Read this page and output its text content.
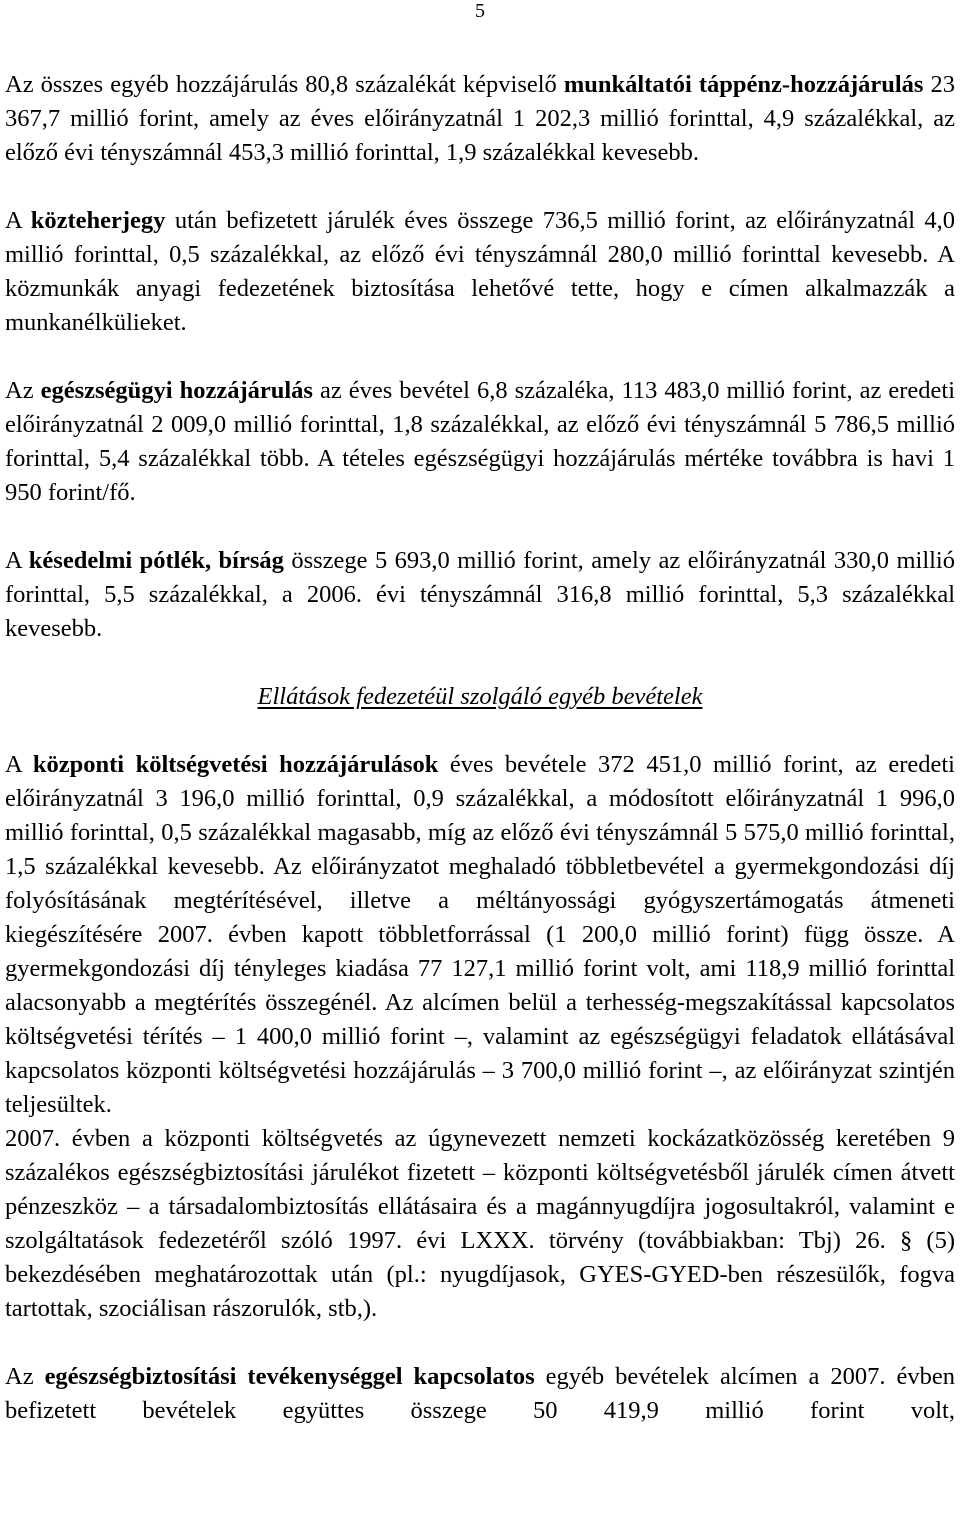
5

Az összes egyéb hozzájárulás 80,8 százalékát képviselő munkáltatói táppénz-hozzájárulás 23 367,7 millió forint, amely az éves előirányzatnál 1 202,3 millió forinttal, 4,9 százalékkal, az előző évi tényszámnál 453,3 millió forinttal, 1,9 százalékkal kevesebb.

A közteherjegy után befizetett járulék éves összege 736,5 millió forint, az előirányzatnál 4,0 millió forinttal, 0,5 százalékkal, az előző évi tényszámnál 280,0 millió forinttal kevesebb. A közmunkák anyagi fedezetének biztosítása lehetővé tette, hogy e címen alkalmazzák a munkanélkülieket.

Az egészségügyi hozzájárulás az éves bevétel 6,8 százaléka, 113 483,0 millió forint, az eredeti előirányzatnál 2 009,0 millió forinttal, 1,8 százalékkal, az előző évi tényszámnál 5 786,5 millió forinttal, 5,4 százalékkal több. A tételes egészségügyi hozzájárulás mértéke továbbra is havi 1 950 forint/fő.

A késedelmi pótlék, bírság összege 5 693,0 millió forint, amely az előirányzatnál 330,0 millió forinttal, 5,5 százalékkal, a 2006. évi tényszámnál 316,8 millió forinttal, 5,3 százalékkal kevesebb.

Ellátások fedezetéül szolgáló egyéb bevételek

A központi költségvetési hozzájárulások éves bevétele 372 451,0 millió forint, az eredeti előirányzatnál 3 196,0 millió forinttal, 0,9 százalékkal, a módosított előirányzatnál 1 996,0 millió forinttal, 0,5 százalékkal magasabb, míg az előző évi tényszámnál 5 575,0 millió forinttal, 1,5 százalékkal kevesebb. Az előirányzatot meghaladó többletbevétel a gyermekgondozási díj folyósításának megtérítésével, illetve a méltányossági gyógyszertámogatás átmeneti kiegészítésére 2007. évben kapott többletforrással (1 200,0 millió forint) függ össze. A gyermekgondozási díj tényleges kiadása 77 127,1 millió forint volt, ami 118,9 millió forinttal alacsonyabb a megtérítés összegénél. Az alcímen belül a terhesség-megszakítással kapcsolatos költségvetési térítés – 1 400,0 millió forint –, valamint az egészségügyi feladatok ellátásával kapcsolatos központi költségvetési hozzájárulás – 3 700,0 millió forint –, az előirányzat szintjén teljesültek.

2007. évben a központi költségvetés az úgynevezett nemzeti kockázatközösség keretében 9 százalékos egészségbiztosítási járulékot fizetett – központi költségvetésből járulék címen átvett pénzeszköz – a társadalombiztosítás ellátásaira és a magánnyugdíjra jogosultakról, valamint e szolgáltatások fedezetéről szóló 1997. évi LXXX. törvény (továbbiakban: Tbj) 26. § (5) bekezdésében meghatározottak után (pl.: nyugdíjasok, GYES-GYED-ben részesülők, fogva tartottak, szociálisan rászorulók, stb,).

Az egészségbiztosítási tevékenységgel kapcsolatos egyéb bevételek alcímen a 2007. évben befizetett bevételek együttes összege 50 419,9 millió forint volt,
